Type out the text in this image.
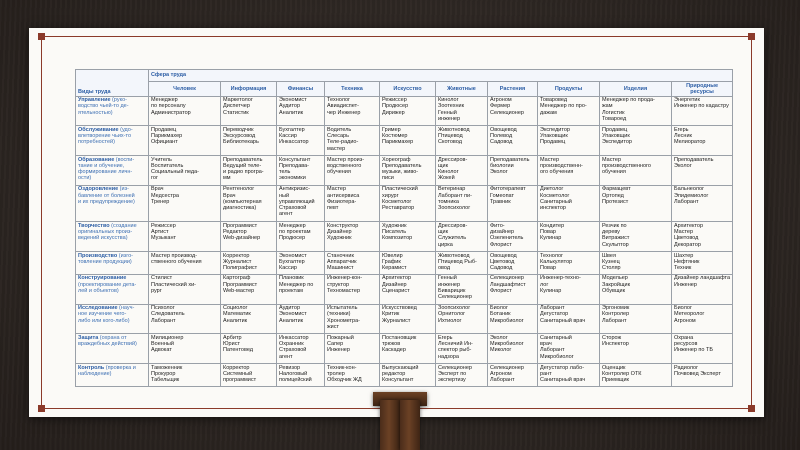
Виды труда	Сфера труда									
	Человек	Информация	Финансы	Техника	Искусство	Животные	Растения	Продукты	Изделия	Природные ресурсы
Управление (руко-
водство чьей-то де-
ятельностью)	Менеджер
по персоналу
Администратор	Маркетолог
Диспетчер
Статистик	Экономист
Аудитор
Аналитик	Технолог
Авиадиспет-
чер Инженер	Режиссер
Продюсер
Дирижер	Кинолог
Зоотехник
Генный
инженер	Агроном
Фермер
Селекционер	Товаровед
Менеджер по про-
дажам	Менеджер по прода-
жам
Логистик
Товароед	Энергетик
Инженер по кадастру
Обслуживание (удо-
влетворение чьих-то
потребностей)	Продавец
Парикмахер
Официант	Переводчик
Экскурсовод
Библиотекарь	Бухгалтер
Кассир
Инкассатор	Водитель
Слесарь
Теле-радио-
мастер	Гример
Костюмер
Парикмахер	Животновод
Птицевод
Скотовод	Овощевод
Полевод
Садовод	Экспедитор
Упаковщик
Продавец	Продавец
Упаковщик
Экспедитор	Егерь
Лесник
Мелиоратор
Образование (воспи-
тание и обучение,
формирование личн-
ости)	Учитель
Воспитатель
Социальный педа-
гог	Преподаватель
Ведущий теле-
и радио програ-
мм	Консультант
Преподава-
тель
экономики	Мастер произ-
водственного
обучения	Хореограф
Преподаватель
музыки, живо-
писи	Дрессиров-
щик
Кинолог
Жокей	Преподаватель
биологии
Эколог	Мастер
производственн-
ого обучения	Мастер
производственного
обучения	Преподаватель
Эколог
Оздоровление (из-
бавление от болезней
и их предупреждение)	Врач
Медсестра
Тренер	Рентгенолог
Врач
(компьютерная
диагностика)	Антикризис-
ный
управляющий
Страховой
агент	Мастер
антисервиса
Физиотера-
певт	Пластический
хирург
Косметолог
Реставратор	Ветеринар
Лаборант пи-
томника
Зоопсихолог	Фитотерапевт
Гомеопат
Травник	Диетолог
Косметолог
Санитарный
инспектор	Фармацевт
Ортопед
Протезист	Бальнеолог
Эпидемиолог
Лаборант
Творчество (создание
оригинальных произ-
ведений искусства)	Режиссер
Артист
Музыкант	Программист
Редактор
Web-дизайнер	Менеджер
по проектам
Продюсер	Конструктор
Дизайнер
Художник	Художник
Писатель
Композитор	Дрессиров-
щик
Служитель
цирка	Фито-
дизайнер
Озеленитель
Флорист	Кондитер
Повар
Кулинар	Резчик по
дереву
Витражист
Скульптор	Архитектор
Мастер
Цветовод
Декоратор
Производство (изго-
товление продукции)	Мастер производ-
ственного обучения	Корректор
Журналист
Полиграфист	Экономист
Бухгалтер
Кассир	Станочник
Аппаратчик
Машинист	Ювелир
График
Керамист	Животновод
Птицевод Рыб-
овод	Овощевод
Цветовод
Садовод	Технолог
Калькулятор
Повар	Швея
Кузнец
Столяр	Шахтер
Нефтяник
Техник
Конструирование
(проектирование дета-
лей и объектов)	Стилист
Пластический хи-
рург	Картограф
Программист
Web-мастер	Плановик
Менеджер по
проектам	Инженер-кон-
структор
Техномастер	Архитектор
Дизайнер
Сценарист	Генный
инженер
Биварицик
Селекционер	Селекционер
Ландшафтист
Флорист	Инженер-техно-
лог
Кулинар	Модельер
Закройщик
Обувщик	Дизайнер ландшафта
Инженер
Исследование (науч-
ное изучение чего-
либо или кого-либо)	Психолог
Следователь
Лаборант	Социолог
Математик
Аналитик	Аудитор
Экономист
Аналитик	Испытатель
(техники)
Хронометра-
жист	Искусствовед
Критик
Журналист	Зоопсихолог
Орнитолог
Ихтиолог	Биолог
Ботаник
Микробиолог	Лаборант
Дегустатор
Санитарный врач	Эргономик
Контролер
Лаборант	Биолог
Метеоролог
Агроном
Защита (охрана от
враждебных действий)	Милиционер
Военный
Адвокат	Арбитр
Юрист
Патентовед	Инкассатор
Охранник
Страховой
агент	Пожарный
Сапер
Инженер	Постановщик
трюков
Каскадер	Егерь
Лесничий Ин-
спектор рыб-
надзора	Эколог
Микробиолог
Миколог	Санитарный
врач
Лаборант
Микробиолог	Сторож
Инспектор	Охрана
ресурсов
Инженер по ТБ
Контроль (проверка и
наблюдение)	Таможенник
Прокурор
Табельщик	Корректор
Системный
программист	Ревизор
Налоговый
полицейский	Техник-кон-
тролер
Обходчик ЖД	Выпускающий
редактор
Консультант	Селекционер
Эксперт по
экспертизу	Селекционер
Агроном
Лаборант	Дегустатор лабо-
рант
Санитарный врач	Оценщик
Контролер ОТК
Приемщик	Радиолог
Почвовед Эксперт
